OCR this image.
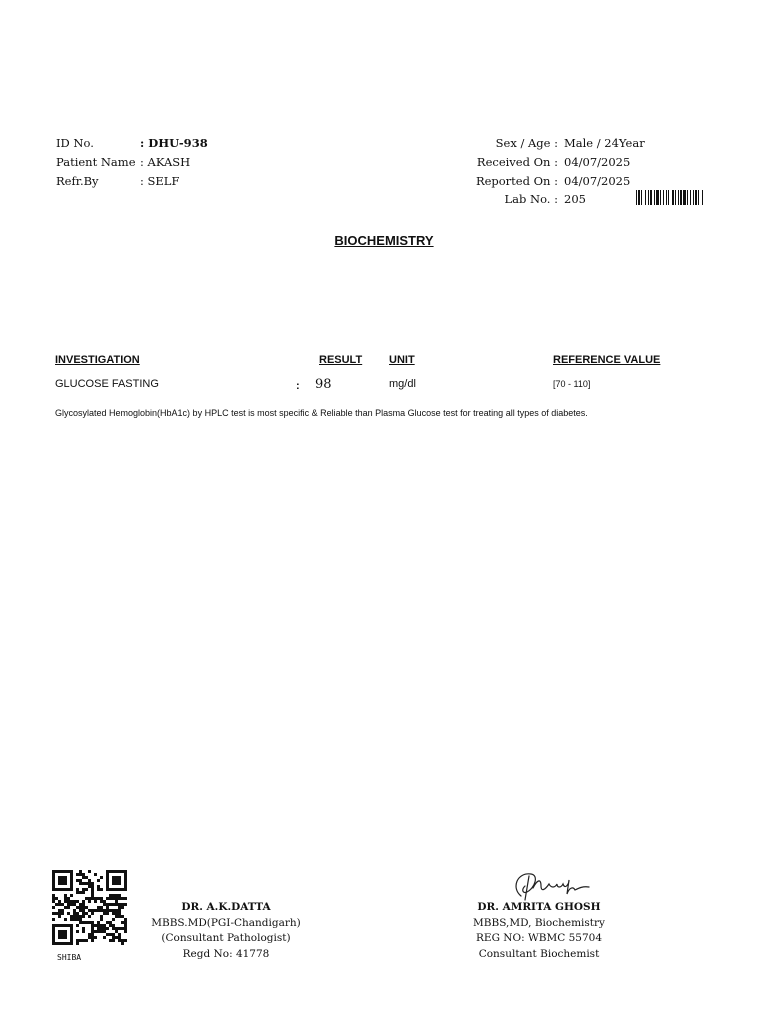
ID No.	: DHU-938
Patient Name : AKASH
Refr.By	: SELF
Sex / Age : Male / 24Year
Received On : 04/07/2025
Reported On : 04/07/2025
Lab No. : 205
BIOCHEMISTRY
INVESTIGATION	RESULT UNIT	REFERENCE VALUE
GLUCOSE FASTING	: 98	mg/dl	[70 - 110]
Glycosylated Hemoglobin(HbA1c) by HPLC test is most specific & Reliable than Plasma Glucose test for treating all types of diabetes.
SHIBA
DR. A.K.DATTA
MBBS.MD(PGI-Chandigarh)
(Consultant Pathologist)
Regd No: 41778
DR. AMRITA GHOSH
MBBS,MD, Biochemistry
REG NO: WBMC 55704
Consultant Biochemist
